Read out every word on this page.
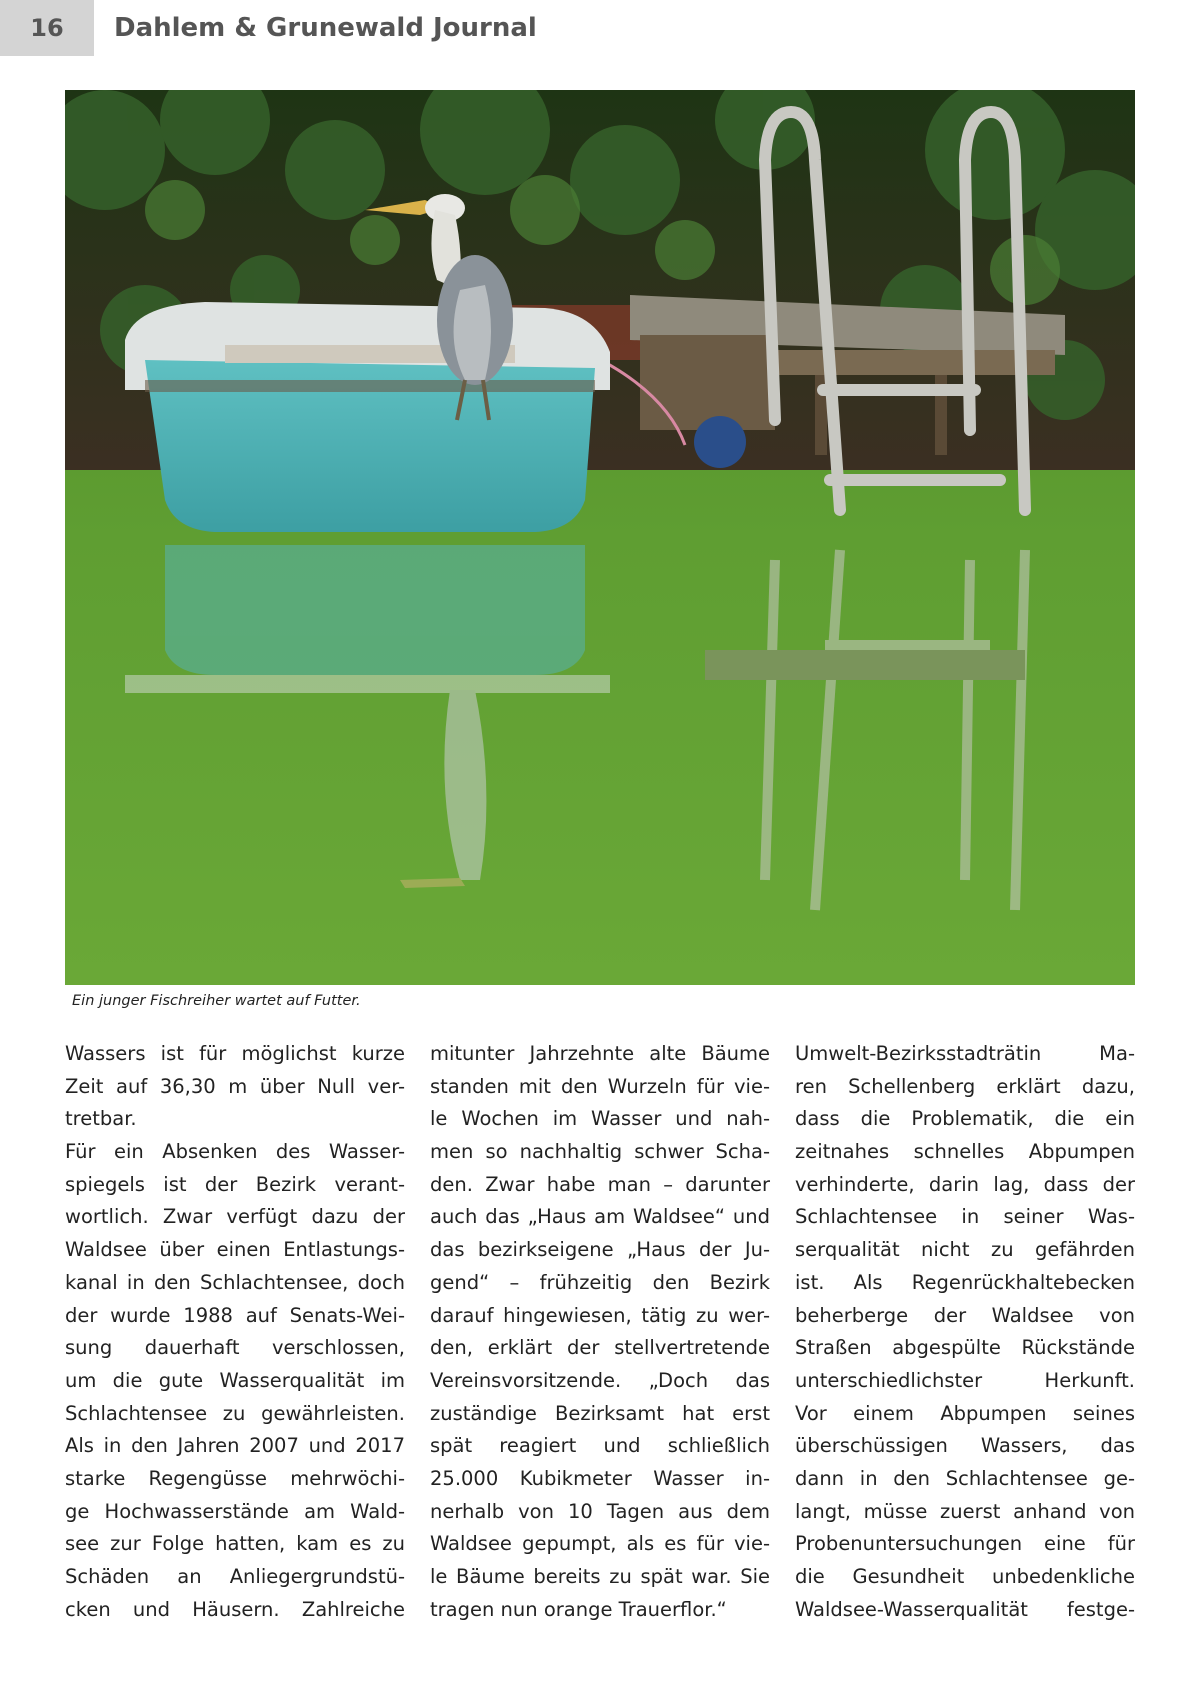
16	Dahlem & Grunewald Journal
Ein junger Fischreiher wartet auf Futter.
Wassers ist für möglichst kurze
Zeit auf 36,30 m über Null ver-
tretbar.
Für ein Absenken des Wasser-
spiegels ist der Bezirk verant-
wortlich. Zwar verfügt dazu der
Waldsee über einen Entlastungs-
kanal in den Schlachtensee, doch
der wurde 1988 auf Senats-Wei-
sung dauerhaft verschlossen,
um die gute Wasserqualität im
Schlachtensee zu gewährleisten.
Als in den Jahren 2007 und 2017
starke Regengüsse mehrwöchi-
ge Hochwasserstände am Wald-
see zur Folge hatten, kam es zu
Schäden an Anliegergrundstü-
cken und Häusern. Zahlreiche
mitunter Jahrzehnte alte Bäume
standen mit den Wurzeln für vie-
le Wochen im Wasser und nah-
men so nachhaltig schwer Scha-
den. Zwar habe man – darunter
auch das „Haus am Waldsee“ und
das bezirkseigene „Haus der Ju-
gend“ – frühzeitig den Bezirk
darauf hingewiesen, tätig zu wer-
den, erklärt der stellvertretende
Vereinsvorsitzende. „Doch das
zuständige Bezirksamt hat erst
spät reagiert und schließlich
25.000 Kubikmeter Wasser in-
nerhalb von 10 Tagen aus dem
Waldsee gepumpt, als es für vie-
le Bäume bereits zu spät war. Sie
tragen nun orange Trauerflor.“
Umwelt-Bezirksstadträtin Ma-
ren Schellenberg erklärt dazu,
dass die Problematik, die ein
zeitnahes schnelles Abpumpen
verhinderte, darin lag, dass der
Schlachtensee in seiner Was-
serqualität nicht zu gefährden
ist. Als Regenrückhaltebecken
beherberge der Waldsee von
Straßen abgespülte Rückstände
unterschiedlichster Herkunft.
Vor einem Abpumpen seines
überschüssigen Wassers, das
dann in den Schlachtensee ge-
langt, müsse zuerst anhand von
Probenuntersuchungen eine für
die Gesundheit unbedenkliche
Waldsee-Wasserqualität festge-
